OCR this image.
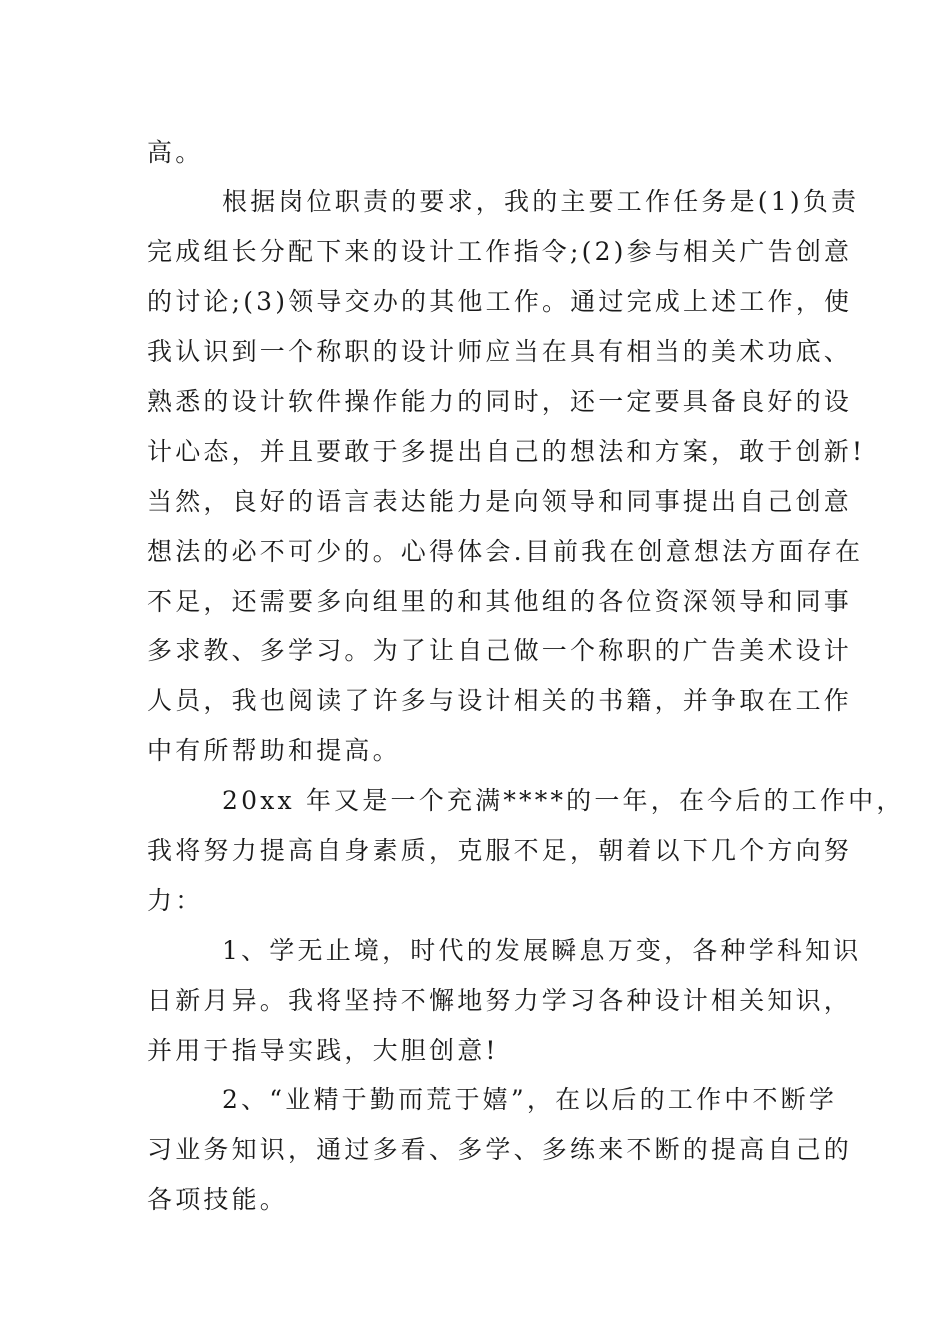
高。
根据岗位职责的要求，我的主要工作任务是(1)负责
完成组长分配下来的设计工作指令;(2)参与相关广告创意
的讨论;(3)领导交办的其他工作。通过完成上述工作，使
我认识到一个称职的设计师应当在具有相当的美术功底、
熟悉的设计软件操作能力的同时，还一定要具备良好的设
计心态，并且要敢于多提出自己的想法和方案，敢于创新!
当然，良好的语言表达能力是向领导和同事提出自己创意
想法的必不可少的。心得体会.目前我在创意想法方面存在
不足，还需要多向组里的和其他组的各位资深领导和同事
多求教、多学习。为了让自己做一个称职的广告美术设计
人员，我也阅读了许多与设计相关的书籍，并争取在工作
中有所帮助和提高。
20xx 年又是一个充满****的一年，在今后的工作中，
我将努力提高自身素质，克服不足，朝着以下几个方向努
力：
1、学无止境，时代的发展瞬息万变，各种学科知识
日新月异。我将坚持不懈地努力学习各种设计相关知识，
并用于指导实践，大胆创意!
2、“业精于勤而荒于嬉”，在以后的工作中不断学
习业务知识，通过多看、多学、多练来不断的提高自己的
各项技能。
